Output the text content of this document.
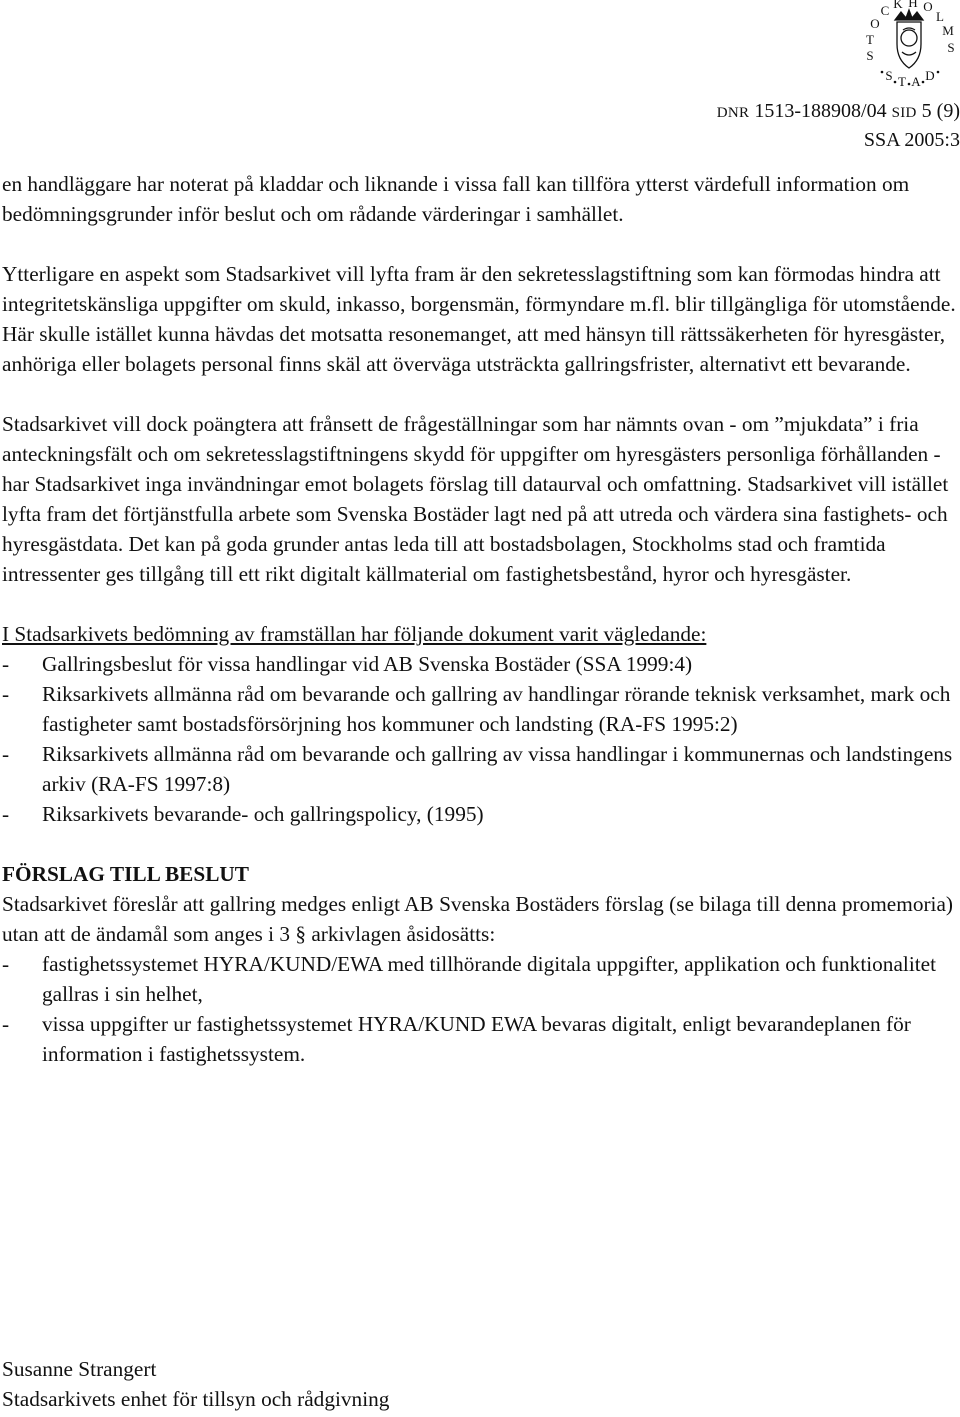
S
T
O
C K H O
L
M
S
S T A D
DNR 1513-188908/04 SID 5 (9)
SSA 2005:3

en handläggare har noterat på kladdar och liknande i vissa fall kan tillföra ytterst värdefull information om bedömningsgrunder inför beslut och om rådande värderingar i samhället.

Ytterligare en aspekt som Stadsarkivet vill lyfta fram är den sekretesslagstiftning som kan förmodas hindra att integritetskänsliga uppgifter om skuld, inkasso, borgensmän, förmyndare m.fl. blir tillgängliga för utomstående. Här skulle istället kunna hävdas det motsatta resonemanget, att med hänsyn till rättssäkerheten för hyresgäster, anhöriga eller bolagets personal finns skäl att överväga utsträckta gallringsfrister, alternativt ett bevarande.

Stadsarkivet vill dock poängtera att frånsett de frågeställningar som har nämnts ovan - om ”mjukdata” i fria anteckningsfält och om sekretesslagstiftningens skydd för uppgifter om hyresgästers personliga förhållanden - har Stadsarkivet inga invändningar emot bolagets förslag till dataurval och omfattning. Stadsarkivet vill istället lyfta fram det förtjänstfulla arbete som Svenska Bostäder lagt ned på att utreda och värdera sina fastighets- och hyresgästdata. Det kan på goda grunder antas leda till att bostadsbolagen, Stockholms stad och framtida intressenter ges tillgång till ett rikt digitalt källmaterial om fastighetsbestånd, hyror och hyresgäster.

I Stadsarkivets bedömning av framställan har följande dokument varit vägledande:

- Gallringsbeslut för vissa handlingar vid AB Svenska Bostäder (SSA 1999:4)
- Riksarkivets allmänna råd om bevarande och gallring av handlingar rörande teknisk verksamhet, mark och fastigheter samt bostadsförsörjning hos kommuner och landsting (RA-FS 1995:2)
- Riksarkivets allmänna råd om bevarande och gallring av vissa handlingar i kommunernas och landstingens arkiv (RA-FS 1997:8)
- Riksarkivets bevarande- och gallringspolicy, (1995)

FÖRSLAG TILL BESLUT

Stadsarkivet föreslår att gallring medges enligt AB Svenska Bostäders förslag (se bilaga till denna promemoria) utan att de ändamål som anges i 3 § arkivlagen åsidosätts:

- fastighetssystemet HYRA/KUND/EWA med tillhörande digitala uppgifter, applikation och funktionalitet gallras i sin helhet,
- vissa uppgifter ur fastighetssystemet HYRA/KUND EWA bevaras digitalt, enligt bevarandeplanen för information i fastighetssystem.
Susanne Strangert
Stadsarkivets enhet för tillsyn och rådgivning
